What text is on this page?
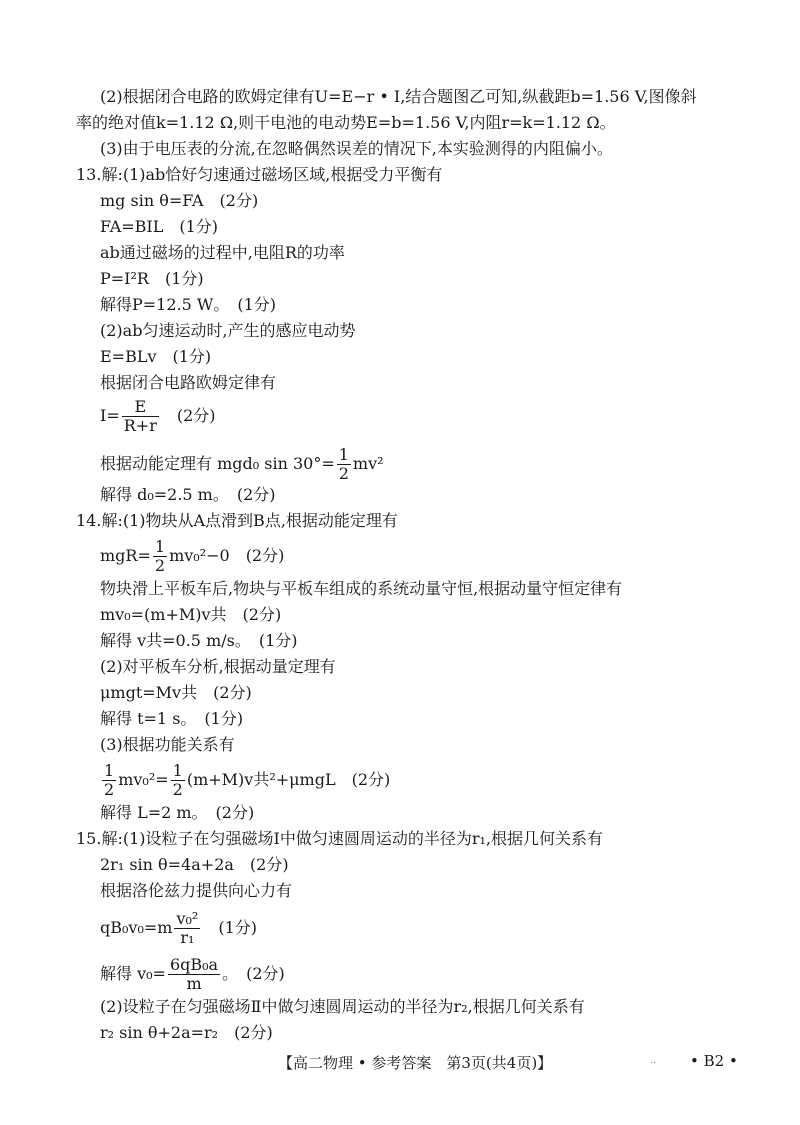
(2)根据闭合电路的欧姆定律有U=E−r • I,结合题图乙可知,纵截距b=1.56 V,图像斜
率的绝对值k=1.12 Ω,则干电池的电动势E=b=1.56 V,内阻r=k=1.12 Ω。
(3)由于电压表的分流,在忽略偶然误差的情况下,本实验测得的内阻偏小。
13.解:(1)ab恰好匀速通过磁场区域,根据受力平衡有
mg sin θ=FA　(2分)
FA=BIL　(1分)
ab通过磁场的过程中,电阻R的功率
P=I²R　(1分)
解得P=12.5 W。　(1分)
(2)ab匀速运动时,产生的感应电动势
E=BLv　(1分)
根据闭合电路欧姆定律有
$I= \frac{E}{R+r}$ 　(2分)
根据动能定理有 mgd₀ $\sin 30^\circ= \frac{1}{2} mv^2$
解得 d₀=2.5 m。　(2分)
14.解:(1)物块从A点滑到B点,根据动能定理有
$mgR= \frac{1}{2} mv_0^2-0$　(2分)
物块滑上平板车后,物块与平板车组成的系统动量守恒,根据动量守恒定律有
mv₀=(m+M)v共　(2分)
解得 v共=0.5 m/s。　(1分)
(2)对平板车分析,根据动量定理有
μmgt=Mv共　(2分)
解得 t=1 s。　(1分)
(3)根据功能关系有
$\frac{1}{2} mv_0^2= \frac{1}{2} (m+M)v$共²+μmgL　(2分)
解得 L=2 m。　(2分)
15.解:(1)设粒子在匀强磁场Ⅰ中做匀速圆周运动的半径为r₁,根据几何关系有
2r₁ sin θ=4a+2a　(2分)
根据洛伦兹力提供向心力有
$qB_0v_0=m \frac{\text{v₀²}}{\text{r₁}}$ 　(1分)
解得 $v_0= \frac{\text{6qB₀a}}{m}$ 。　(2分)
(2)设粒子在匀强磁场Ⅱ中做匀速圆周运动的半径为r₂,根据几何关系有
r₂ sin θ+2a=r₂　(2分)
【高二物理 • 参考答案　第3页(共4页)】	·· • B2 •
